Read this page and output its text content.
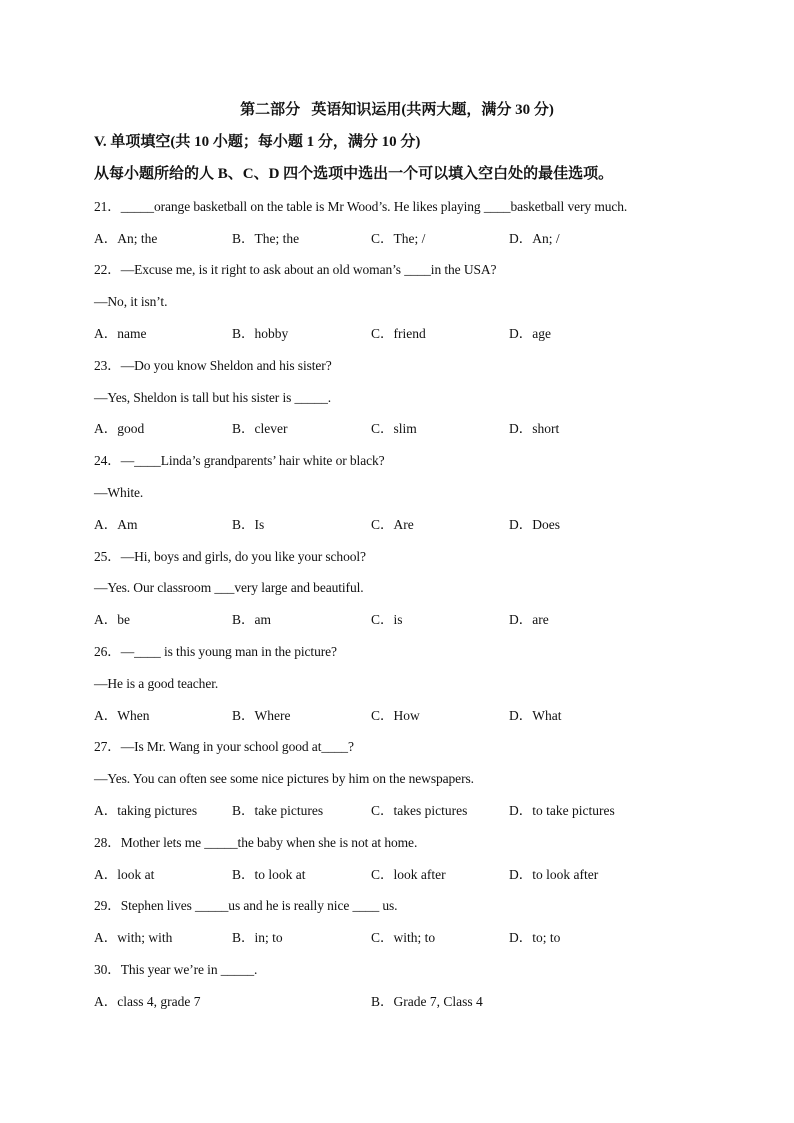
第二部分   英语知识运用(共两大题，满分 30 分)
V. 单项填空(共 10 小题；每小题 1 分，满分 10 分)
从每小题所给的人 B、C、D 四个选项中选出一个可以填入空白处的最佳选项。
21．_____orange basketball on the table is Mr Wood’s. He likes playing ____basketball very much.
A．An; the	B．The; the	C．The; /	D．An; /
22．—Excuse me, is it right to ask about an old woman’s ____in the USA?
—No, it isn’t.
A．name	B．hobby	C．friend	D．age
23．—Do you know Sheldon and his sister?
—Yes, Sheldon is tall but his sister is _____.
A．good	B．clever	C．slim	D．short
24．—____Linda’s grandparents’ hair white or black?
—White.
A．Am	B．Is	C．Are	D．Does
25．—Hi, boys and girls, do you like your school?
—Yes. Our classroom ___very large and beautiful.
A．be	B．am	C．is	D．are
26．—____ is this young man in the picture?
—He is a good teacher.
A．When	B．Where	C．How	D．What
27．—Is Mr. Wang in your school good at____?
—Yes. You can often see some nice pictures by him on the newspapers.
A．taking pictures	B．take pictures	C．takes pictures	D．to take pictures
28．Mother lets me _____the baby when she is not at home.
A．look at	B．to look at	C．look after	D．to look after
29．Stephen lives _____us and he is really nice ____ us.
A．with; with	B．in; to	C．with; to	D．to; to
30．This year we’re in _____.
A．class 4, grade 7	B．Grade 7, Class 4
